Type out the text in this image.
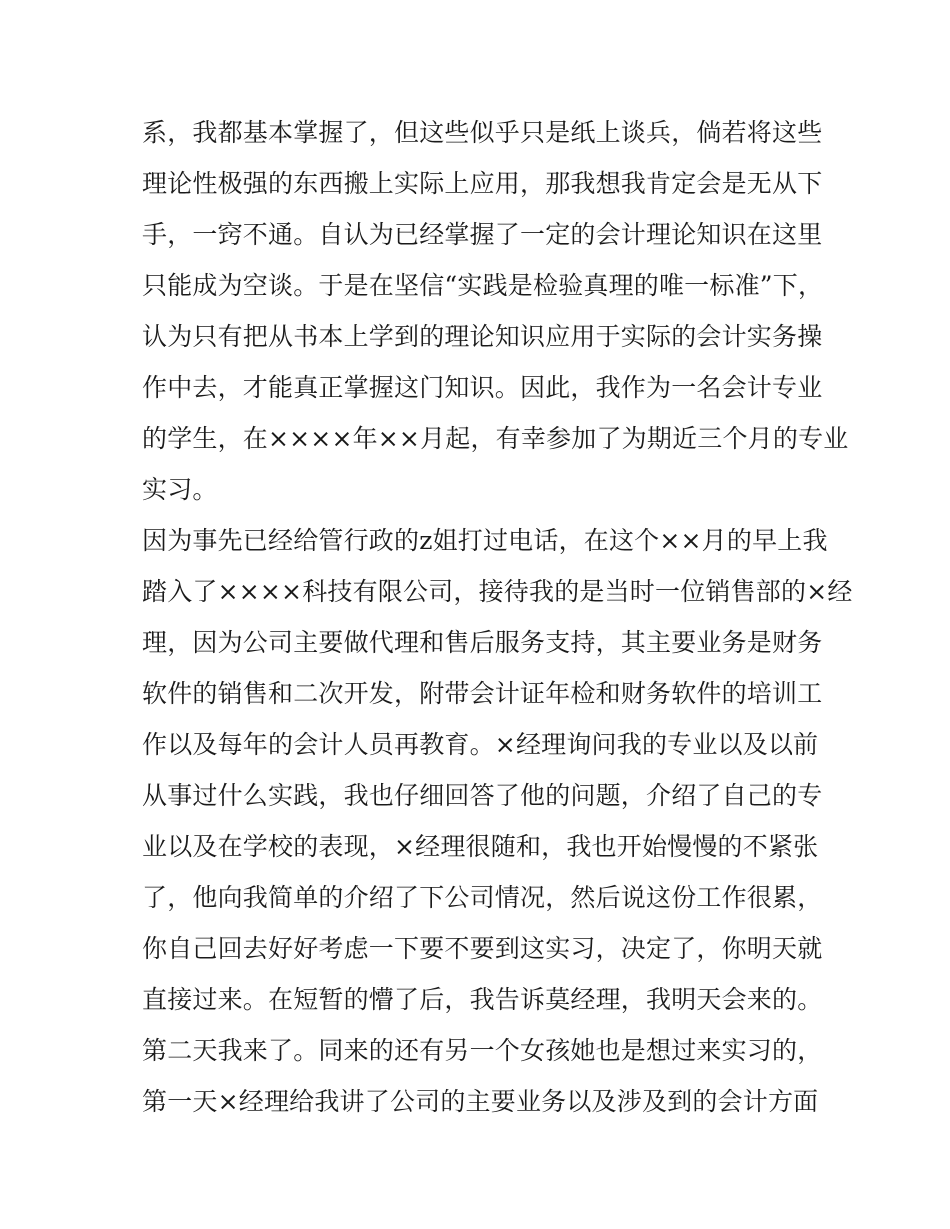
系，我都基本掌握了，但这些似乎只是纸上谈兵，倘若将这些
理论性极强的东西搬上实际上应用，那我想我肯定会是无从下
手，一窍不通。自认为已经掌握了一定的会计理论知识在这里
只能成为空谈。于是在坚信“实践是检验真理的唯一标准”下，
认为只有把从书本上学到的理论知识应用于实际的会计实务操
作中去，才能真正掌握这门知识。因此，我作为一名会计专业
的学生，在××××年××月起，有幸参加了为期近三个月的专业
实习。
因为事先已经给管行政的z姐打过电话，在这个××月的早上我
踏入了××××科技有限公司，接待我的是当时一位销售部的×经
理，因为公司主要做代理和售后服务支持，其主要业务是财务
软件的销售和二次开发，附带会计证年检和财务软件的培训工
作以及每年的会计人员再教育。×经理询问我的专业以及以前
从事过什么实践，我也仔细回答了他的问题，介绍了自己的专
业以及在学校的表现，×经理很随和，我也开始慢慢的不紧张
了，他向我简单的介绍了下公司情况，然后说这份工作很累，
你自己回去好好考虑一下要不要到这实习，决定了，你明天就
直接过来。在短暂的懵了后，我告诉莫经理，我明天会来的。
第二天我来了。同来的还有另一个女孩她也是想过来实习的，
第一天×经理给我讲了公司的主要业务以及涉及到的会计方面
